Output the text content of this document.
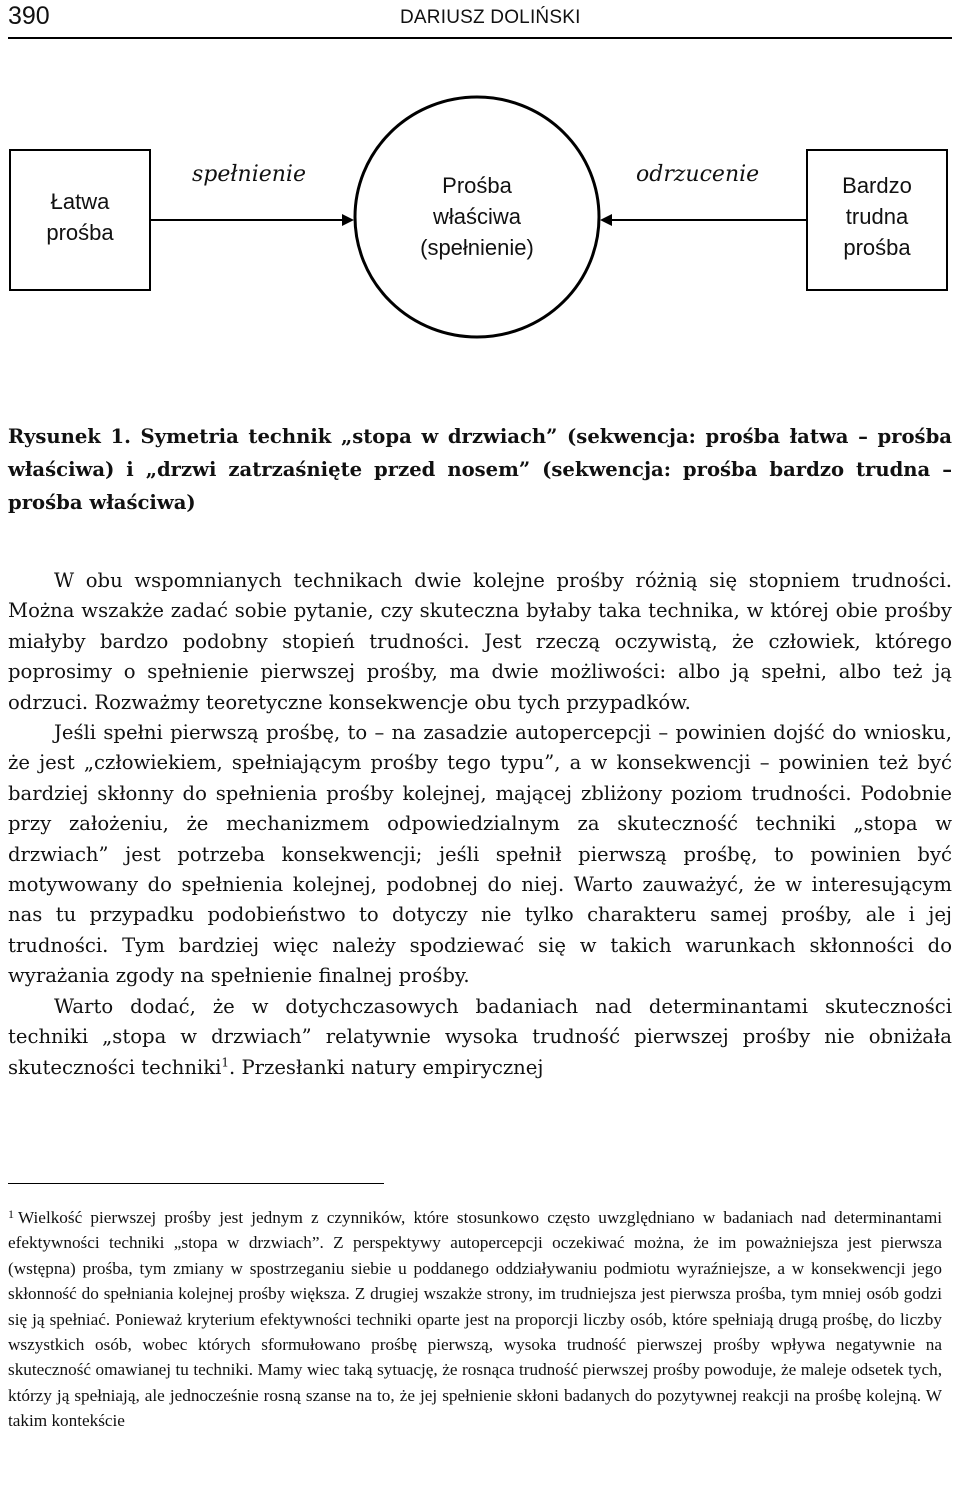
390	DARIUSZ DOLIŃSKI
Łatwa prośba
Bardzo trudna prośba
Prośba właściwa (spełnienie)
spełnienie	odrzucenie
Rysunek 1. Symetria technik „stopa w drzwiach” (sekwencja: prośba łatwa – prośba właściwa) i „drzwi zatrzaśnięte przed nosem” (sekwencja: prośba bardzo trudna – prośba właściwa)

W obu wspomnianych technikach dwie kolejne prośby różnią się stopniem trudności. Można wszakże zadać sobie pytanie, czy skuteczna byłaby taka technika, w której obie prośby miałyby bardzo podobny stopień trudności. Jest rzeczą oczywistą, że człowiek, którego poprosimy o spełnienie pierwszej prośby, ma dwie możliwości: albo ją spełni, albo też ją odrzuci. Rozważmy teoretyczne konsekwencje obu tych przypadków.

Jeśli spełni pierwszą prośbę, to – na zasadzie autopercepcji – powinien dojść do wniosku, że jest „człowiekiem, spełniającym prośby tego typu”, a w konsekwencji – powinien też być bardziej skłonny do spełnienia prośby kolejnej, mającej zbliżony poziom trudności. Podobnie przy założeniu, że mechanizmem odpowiedzialnym za skuteczność techniki „stopa w drzwiach” jest potrzeba konsekwencji; jeśli spełnił pierwszą prośbę, to powinien być motywowany do spełnienia kolejnej, podobnej do niej. Warto zauważyć, że w interesującym nas tu przypadku podobieństwo to dotyczy nie tylko charakteru samej prośby, ale i jej trudności. Tym bardziej więc należy spodziewać się w takich warunkach skłonności do wyrażania zgody na spełnienie finalnej prośby.

Warto dodać, że w dotychczasowych badaniach nad determinantami skuteczności techniki „stopa w drzwiach” relatywnie wysoka trudność pierwszej prośby nie obniżała skuteczności techniki$^1$. Przesłanki natury empirycznej

$^1$ Wielkość pierwszej prośby jest jednym z czynników, które stosunkowo często uwzględniano w badaniach nad determinantami efektywności techniki „stopa w drzwiach”. Z perspektywy autopercepcji oczekiwać można, że im poważniejsza jest pierwsza (wstępna) prośba, tym zmiany w spostrzeganiu siebie u poddanego oddziaływaniu podmiotu wyraźniejsze, a w konsekwencji jego skłonność do spełniania kolejnej prośby większa. Z drugiej wszakże strony, im trudniejsza jest pierwsza prośba, tym mniej osób godzi się ją spełniać. Ponieważ kryterium efektywności techniki oparte jest na proporcji liczby osób, które spełniają drugą prośbę, do liczby wszystkich osób, wobec których sformułowano prośbę pierwszą, wysoka trudność pierwszej prośby wpływa negatywnie na skuteczność omawianej tu techniki. Mamy wiec taką sytuację, że rosnąca trudność pierwszej prośby powoduje, że maleje odsetek tych, którzy ją spełniają, ale jednocześnie rosną szanse na to, że jej spełnienie skłoni badanych do pozytywnej reakcji na prośbę kolejną. W takim kontekście
